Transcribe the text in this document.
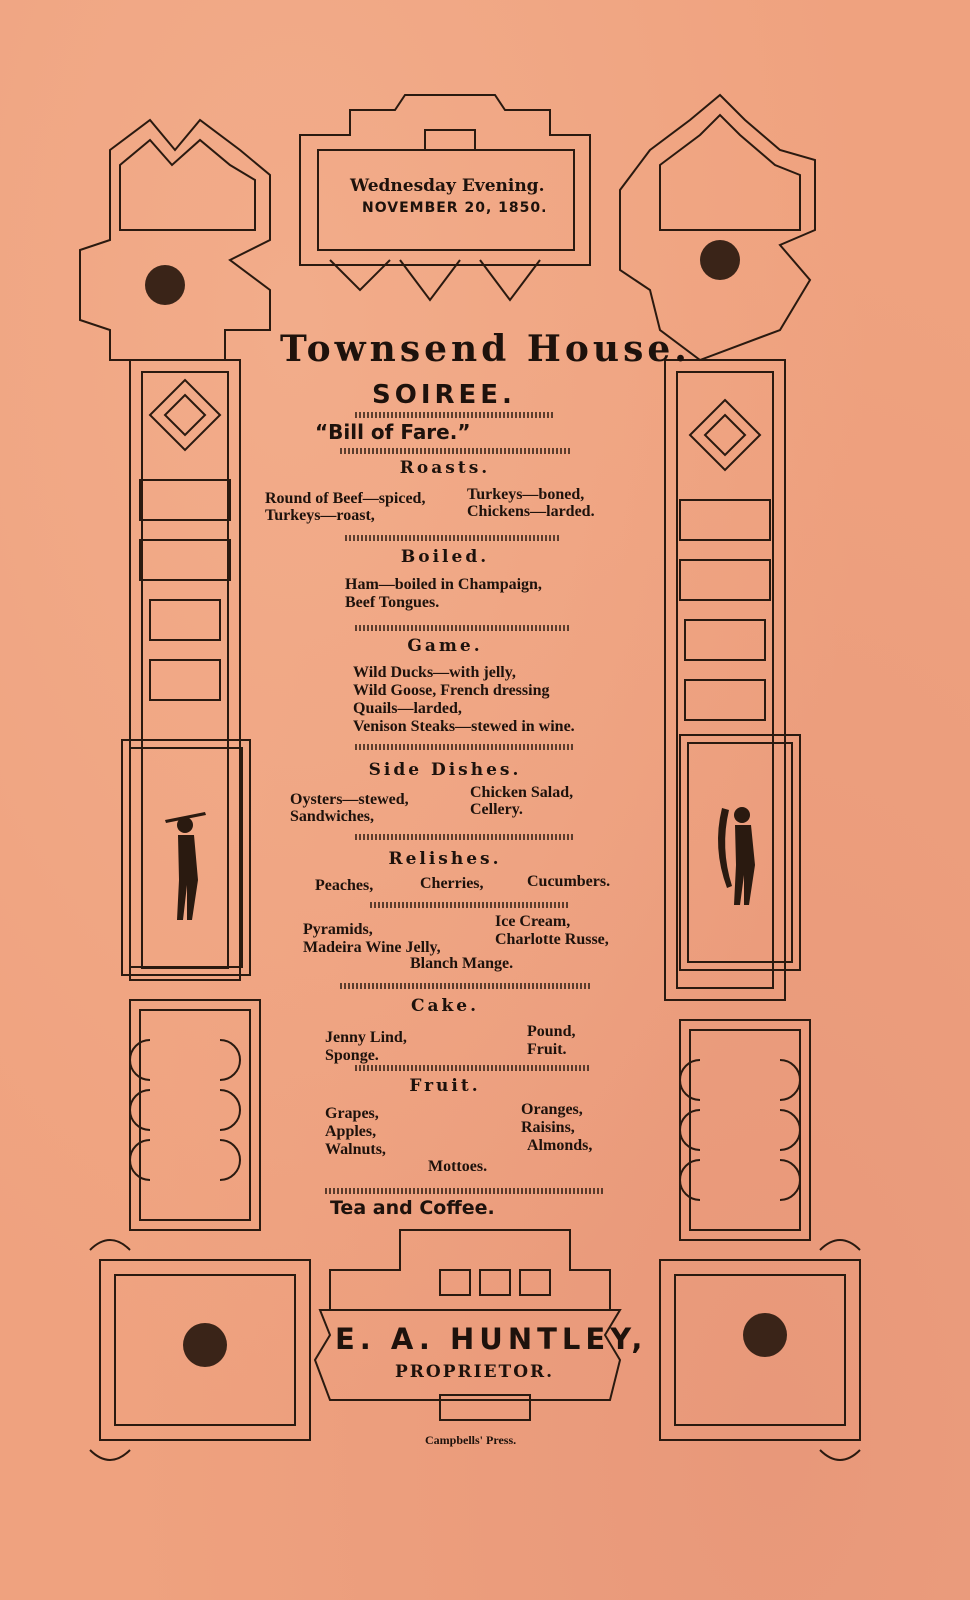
Wednesday Evening.
NOVEMBER 20, 1850.
Townsend House.
SOIREE.
“Bill of Fare.”
Roasts.
Round of Beef—spiced,
Turkeys—roast,
Turkeys—boned,
Chickens—larded.
Boiled.
Ham—boiled in Champaign,
Beef Tongues.
Game.
Wild Ducks—with jelly,
Wild Goose, French dressing
Quails—larded,
Venison Steaks—stewed in wine.
Side Dishes.
Oysters—stewed,
Sandwiches,
Chicken Salad,
Cellery.
Relishes.
Peaches,	Cherries,	Cucumbers.
Pyramids,
Madeira Wine Jelly,
Ice Cream,
Charlotte Russe,
Blanch Mange.
Cake.
Jenny Lind,
Sponge.
Pound,
Fruit.
Fruit.
Grapes,
Apples,
Walnuts,
Oranges,
Raisins,
Almonds,
Mottoes.
Tea and Coffee.
E. A. HUNTLEY,
PROPRIETOR.
Campbells' Press.
